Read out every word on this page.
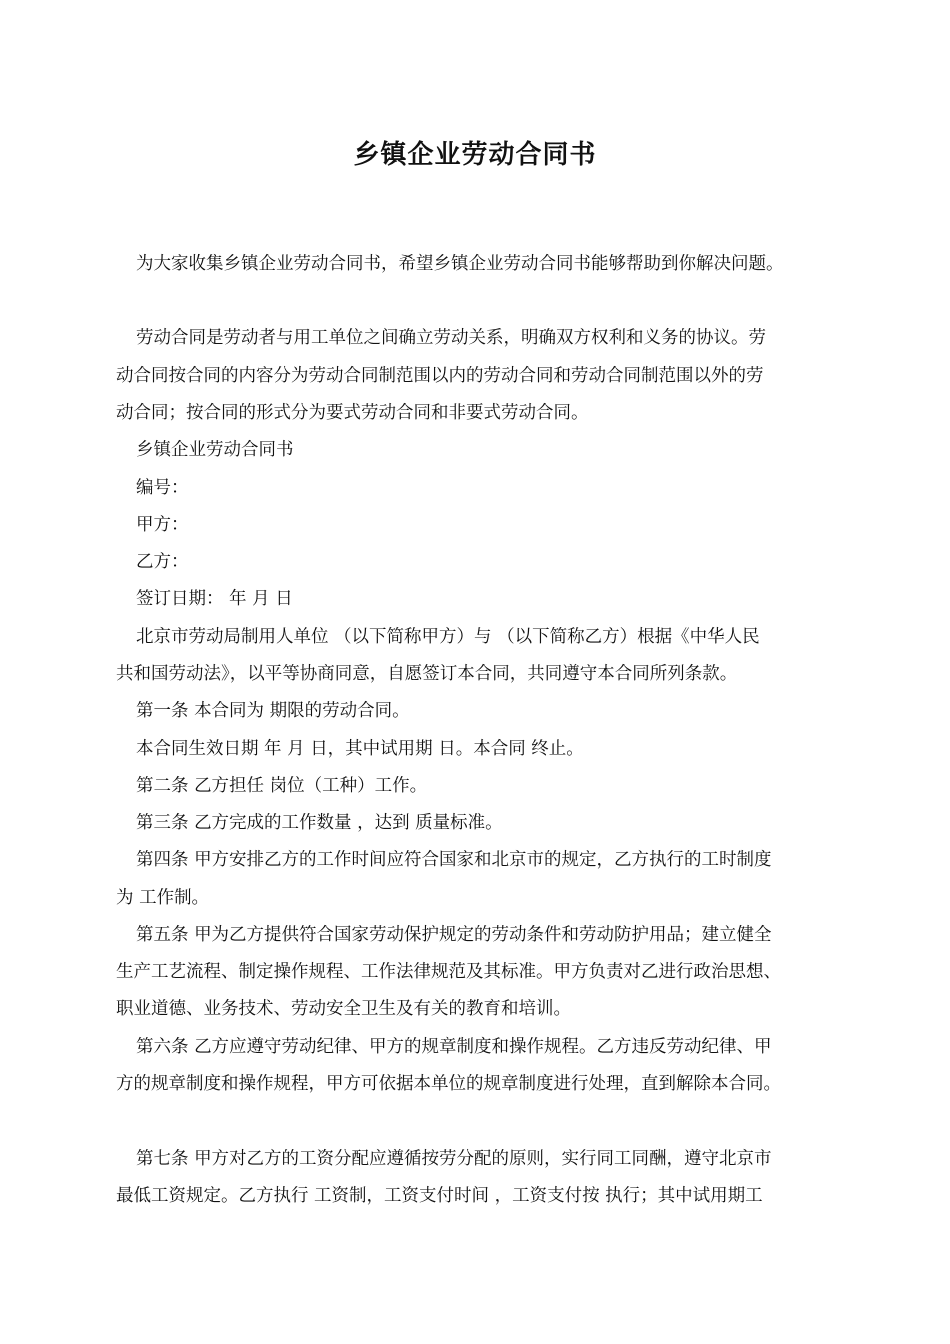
乡镇企业劳动合同书
为大家收集乡镇企业劳动合同书，希望乡镇企业劳动合同书能够帮助到你解决问题。
劳动合同是劳动者与用工单位之间确立劳动关系，明确双方权利和义务的协议。劳
动合同按合同的内容分为劳动合同制范围以内的劳动合同和劳动合同制范围以外的劳
动合同；按合同的形式分为要式劳动合同和非要式劳动合同。
乡镇企业劳动合同书
编号：
甲方：
乙方：
签订日期： 年 月 日
北京市劳动局制用人单位 （以下简称甲方）与 （以下简称乙方）根据《中华人民
共和国劳动法》，以平等协商同意，自愿签订本合同，共同遵守本合同所列条款。
第一条 本合同为 期限的劳动合同。
本合同生效日期 年 月 日，其中试用期 日。本合同 终止。
第二条 乙方担任 岗位（工种）工作。
第三条 乙方完成的工作数量 ，达到 质量标准。
第四条 甲方安排乙方的工作时间应符合国家和北京市的规定，乙方执行的工时制度
为 工作制。
第五条 甲为乙方提供符合国家劳动保护规定的劳动条件和劳动防护用品；建立健全
生产工艺流程、制定操作规程、工作法律规范及其标准。甲方负责对乙进行政治思想、
职业道德、业务技术、劳动安全卫生及有关的教育和培训。
第六条 乙方应遵守劳动纪律、甲方的规章制度和操作规程。乙方违反劳动纪律、甲
方的规章制度和操作规程，甲方可依据本单位的规章制度进行处理，直到解除本合同。
第七条 甲方对乙方的工资分配应遵循按劳分配的原则，实行同工同酬，遵守北京市
最低工资规定。乙方执行 工资制，工资支付时间 ，工资支付按 执行；其中试用期工
